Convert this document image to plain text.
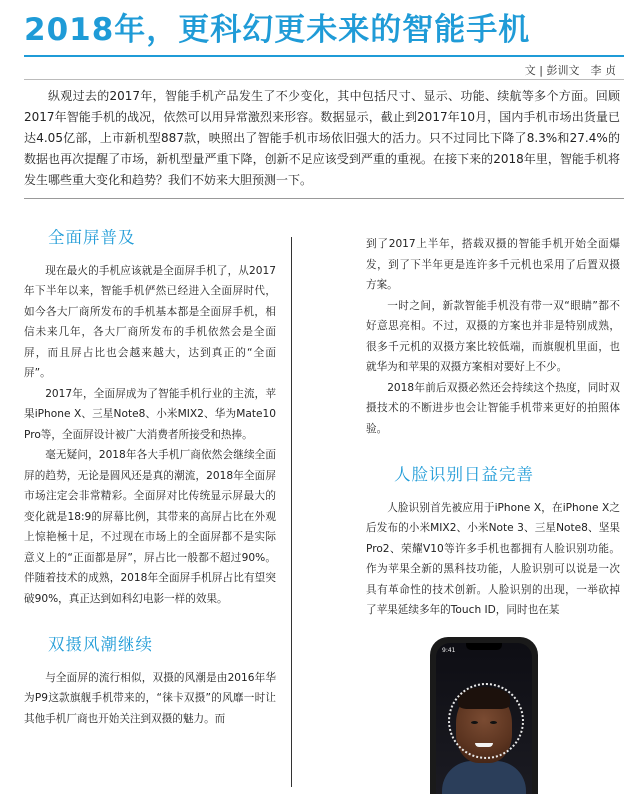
2018年，更科幻更未来的智能手机
文 | 彭训文　李 贞

纵观过去的2017年，智能手机产品发生了不少变化，其中包括尺寸、显示、功能、续航等多个方面。回顾2017年智能手机的战况，依然可以用异常激烈来形容。数据显示，截止到2017年10月，国内手机市场出货量已达4.05亿部，上市新机型887款，映照出了智能手机市场依旧强大的活力。只不过同比下降了8.3%和27.4%的数据也再次提醒了市场，新机型量严重下降，创新不足应该受到严重的重视。在接下来的2018年里，智能手机将发生哪些重大变化和趋势？我们不妨来大胆预测一下。

全面屏普及

现在最火的手机应该就是全面屏手机了，从2017年下半年以来，智能手机俨然已经进入全面屏时代，如今各大厂商所发布的手机基本都是全面屏手机，相信未来几年，各大厂商所发布的手机依然会是全面屏，而且屏占比也会越来越大，达到真正的“全面屏”。

2017年，全面屏成为了智能手机行业的主流，苹果iPhone X、三星Note8、小米MIX2、华为Mate10 Pro等，全面屏设计被广大消费者所接受和热捧。

毫无疑问，2018年各大手机厂商依然会继续全面屏的趋势，无论是圆风还是真的潮流，2018年全面屏市场注定会非常精彩。全面屏对比传统显示屏最大的变化就是18:9的屏幕比例，其带来的高屏占比在外观上惊艳極十足，不过现在市场上的全面屏都不是实际意义上的“正面都是屏”，屏占比一般都不超过90%。伴随着技术的成熟，2018年全面屏手机屏占比有望突破90%，真正达到如科幻电影一样的效果。

双摄风潮继续

与全面屏的流行相似，双摄的风潮是由2016年华为P9这款旗舰手机带来的，“徕卡双摄”的风靡一时让其他手机厂商也开始关注到双摄的魅力。而

到了2017上半年，搭载双摄的智能手机开始全面爆发，到了下半年更是连许多千元机也采用了后置双摄方案。

一时之间，新款智能手机没有带一双“眼睛”都不好意思亮相。不过，双摄的方案也并非是特别成熟，很多千元机的双摄方案比较低端，而旗舰机里面，也就华为和苹果的双摄方案相对要好上不少。

2018年前后双摄必然还会持续这个热度，同时双摄技术的不断进步也会让智能手机带来更好的拍照体验。

人脸识别日益完善

人脸识别首先被应用于iPhone X，在iPhone X之后发布的小米MIX2、小米Note 3、三星Note8、坚果Pro2、荣耀V10等许多手机也都拥有人脸识别功能。作为苹果全新的黑科技功能，人脸识别可以说是一次具有革命性的技术创新。人脸识别的出现，一举砍掉了苹果延续多年的Touch ID，同时也在某

9:41
